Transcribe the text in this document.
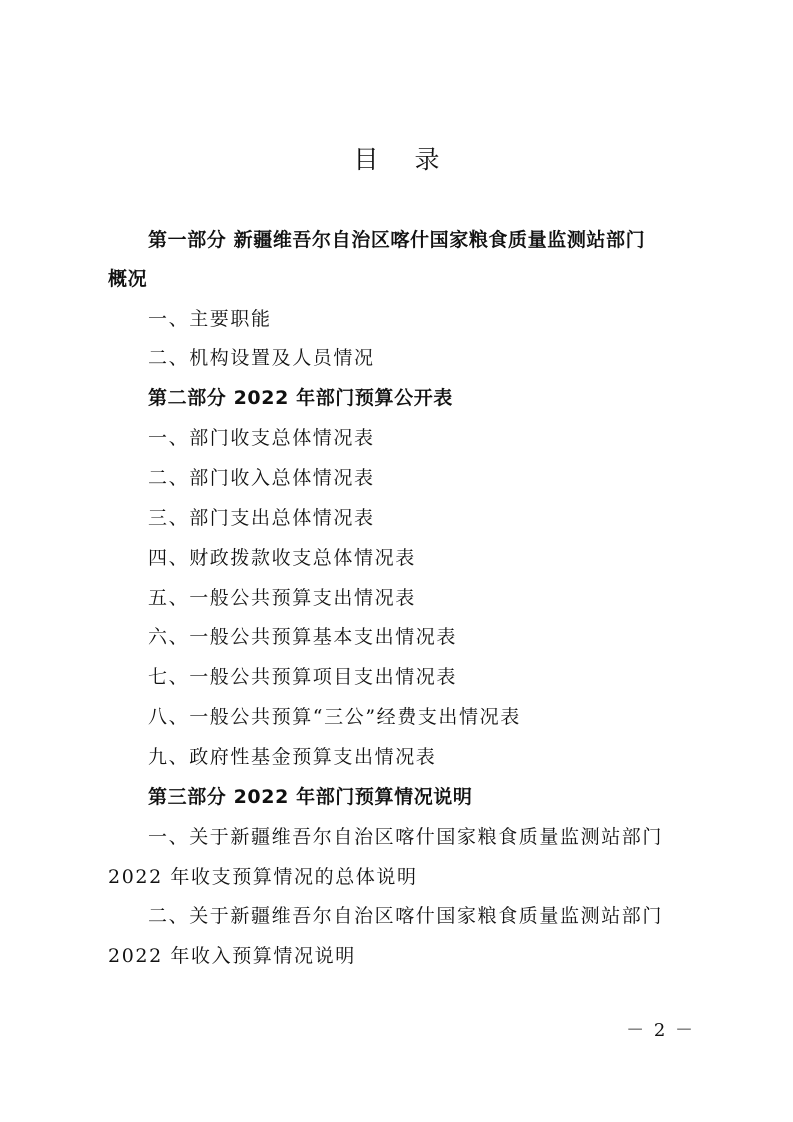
目 录
第一部分 新疆维吾尔自治区喀什国家粮食质量监测站部门
概况
一、主要职能
二、机构设置及人员情况
第二部分 2022 年部门预算公开表
一、部门收支总体情况表
二、部门收入总体情况表
三、部门支出总体情况表
四、财政拨款收支总体情况表
五、一般公共预算支出情况表
六、一般公共预算基本支出情况表
七、一般公共预算项目支出情况表
八、一般公共预算“三公”经费支出情况表
九、政府性基金预算支出情况表
第三部分 2022 年部门预算情况说明
一、关于新疆维吾尔自治区喀什国家粮食质量监测站部门
2022 年收支预算情况的总体说明
二、关于新疆维吾尔自治区喀什国家粮食质量监测站部门
2022 年收入预算情况说明
－ 2 －
